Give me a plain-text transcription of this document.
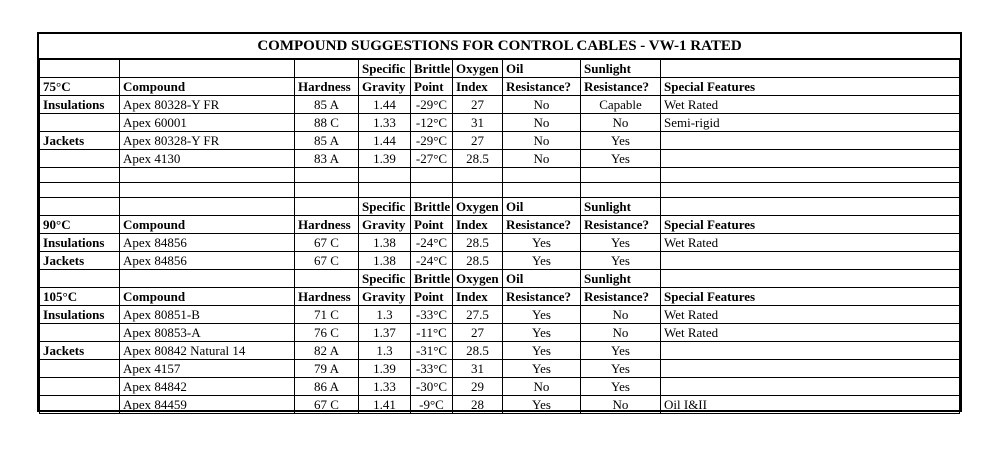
COMPOUND SUGGESTIONS FOR CONTROL CABLES - VW-1 RATED
			Specific	Brittle	Oxygen	Oil	Sunlight	
75°C	Compound	Hardness	Gravity	Point	Index	Resistance?	Resistance?	Special Features
Insulations	Apex 80328-Y FR	85 A	1.44	-29°C	27	No	Capable	Wet Rated
	Apex 60001	88 C	1.33	-12°C	31	No	No	Semi-rigid
Jackets	Apex 80328-Y FR	85 A	1.44	-29°C	27	No	Yes	
	Apex 4130	83 A	1.39	-27°C	28.5	No	Yes	

			Specific	Brittle	Oxygen	Oil	Sunlight	
90°C	Compound	Hardness	Gravity	Point	Index	Resistance?	Resistance?	Special Features
Insulations	Apex 84856	67 C	1.38	-24°C	28.5	Yes	Yes	Wet Rated
Jackets	Apex 84856	67 C	1.38	-24°C	28.5	Yes	Yes	
			Specific	Brittle	Oxygen	Oil	Sunlight	
105°C	Compound	Hardness	Gravity	Point	Index	Resistance?	Resistance?	Special Features
Insulations	Apex 80851-B	71 C	1.3	-33°C	27.5	Yes	No	Wet Rated
	Apex 80853-A	76 C	1.37	-11°C	27	Yes	No	Wet Rated
Jackets	Apex 80842 Natural 14	82 A	1.3	-31°C	28.5	Yes	Yes	
	Apex 4157	79 A	1.39	-33°C	31	Yes	Yes	
	Apex 84842	86 A	1.33	-30°C	29	No	Yes	
	Apex 84459	67 C	1.41	-9°C	28	Yes	No	Oil I&II
